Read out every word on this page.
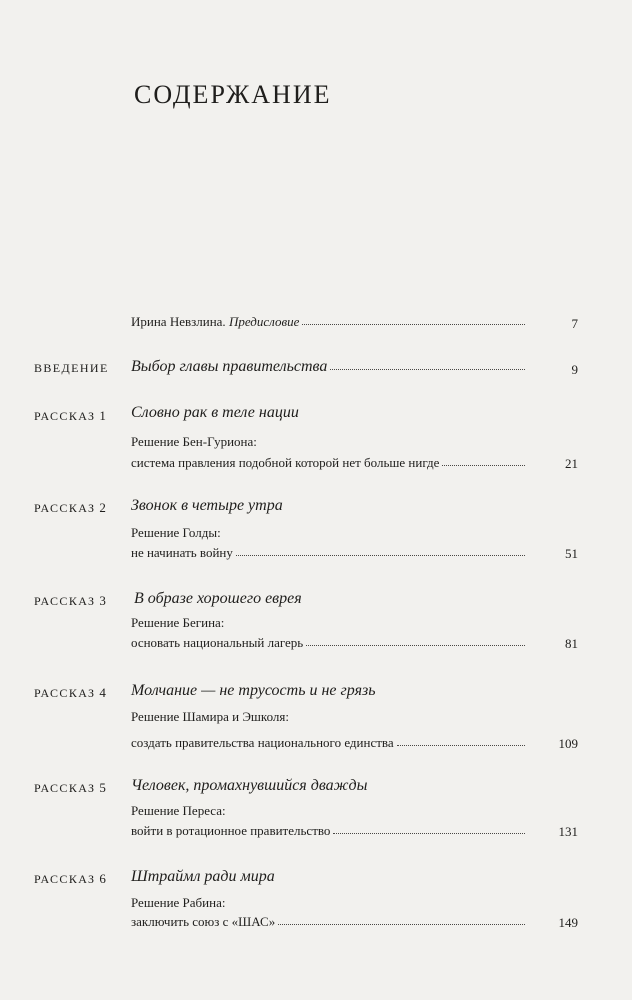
СОДЕРЖАНИЕ
Ирина Невзлина. Предисловие	7
ВВЕДЕНИЕ Выбор главы правительства	9
РАССКАЗ 1 Словно рак в теле нации
Решение Бен-Гуриона:
система правления подобной которой нет больше нигде	21
РАССКАЗ 2 Звонок в четыре утра
Решение Голды:
не начинать войну	51
РАССКАЗ 3 В образе хорошего еврея
Решение Бегина:
основать национальный лагерь	81
РАССКАЗ 4 Молчание — не трусость и не грязь
Решение Шамира и Эшколя:
создать правительства национального единства	109
РАССКАЗ 5 Человек, промахнувшийся дважды
Решение Переса:
войти в ротационное правительство	131
РАССКАЗ 6 Штраймл ради мира
Решение Рабина:
заключить союз с «ШАС»	149
